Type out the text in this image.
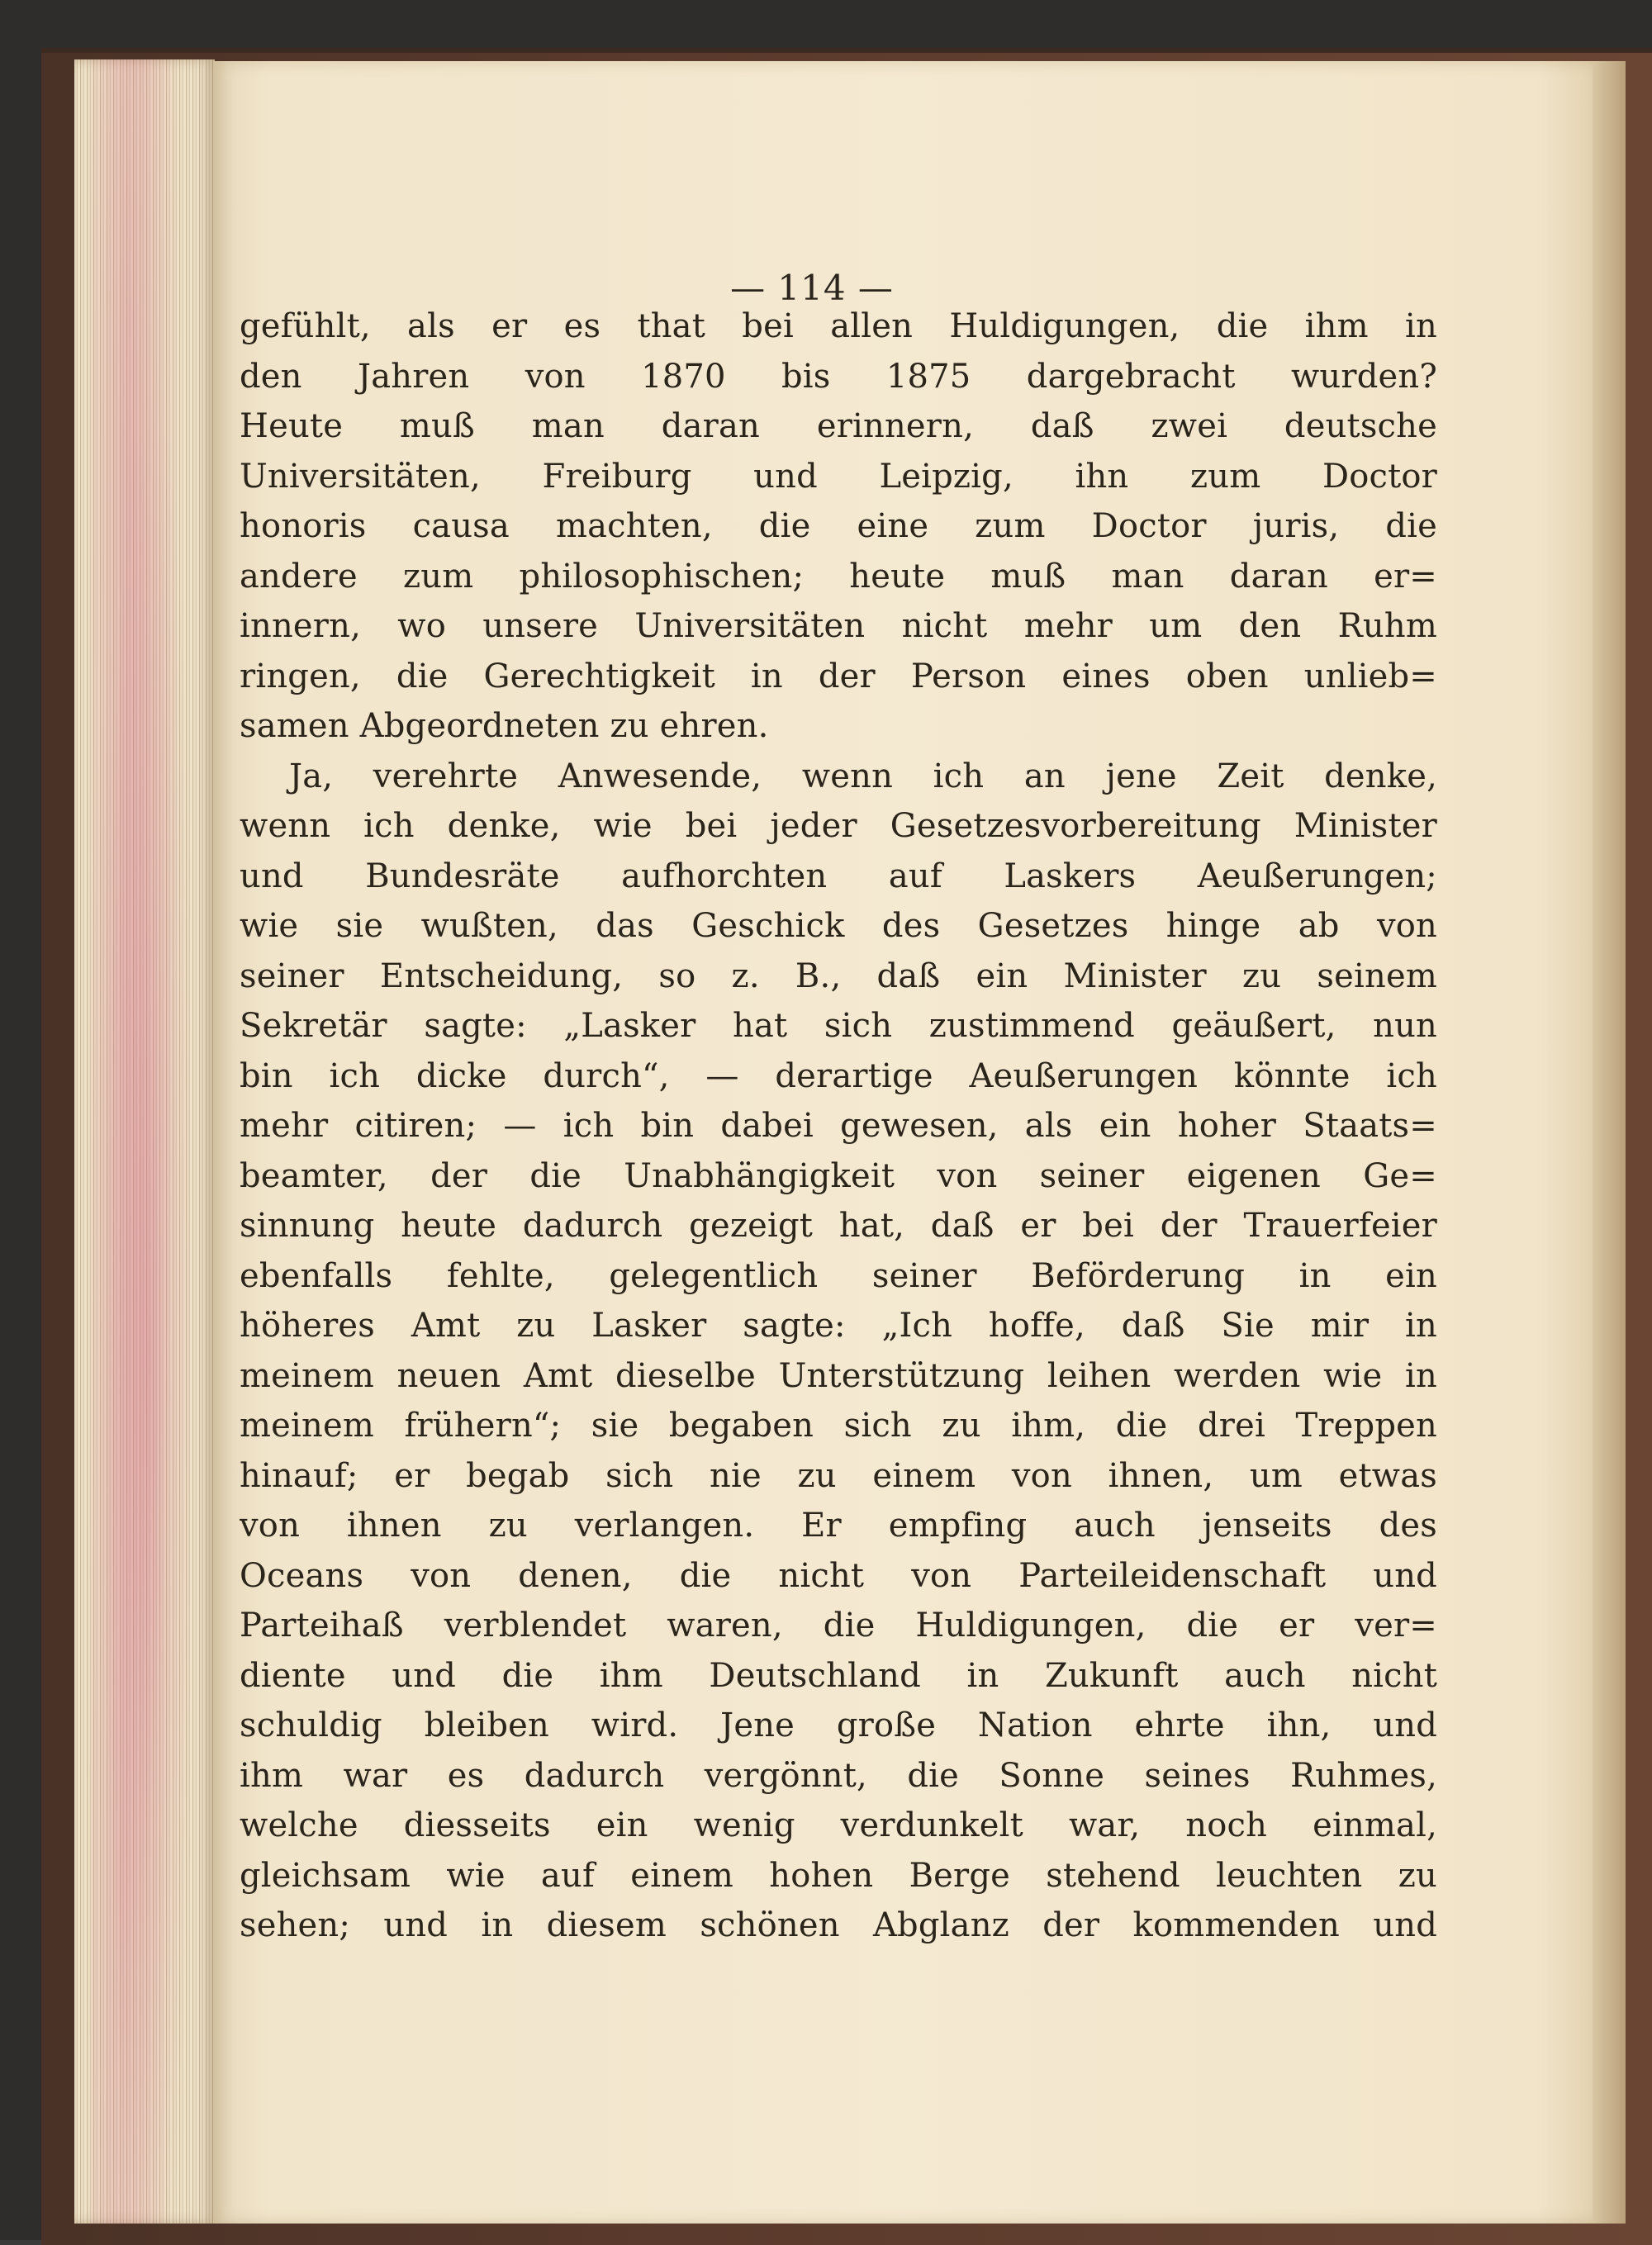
— 114 —
gefühlt, als er es that bei allen Huldigungen, die ihm in
den Jahren von 1870 bis 1875 dargebracht wurden?
Heute muß man daran erinnern, daß zwei deutsche
Universitäten, Freiburg und Leipzig, ihn zum Doctor
honoris causa machten, die eine zum Doctor juris, die
andere zum philosophischen; heute muß man daran er=
innern, wo unsere Universitäten nicht mehr um den Ruhm
ringen, die Gerechtigkeit in der Person eines oben unlieb=
samen Abgeordneten zu ehren.
Ja, verehrte Anwesende, wenn ich an jene Zeit denke,
wenn ich denke, wie bei jeder Gesetzesvorbereitung Minister
und Bundesräte aufhorchten auf Laskers Aeußerungen;
wie sie wußten, das Geschick des Gesetzes hinge ab von
seiner Entscheidung, so z. B., daß ein Minister zu seinem
Sekretär sagte: „Lasker hat sich zustimmend geäußert, nun
bin ich dicke durch“, — derartige Aeußerungen könnte ich
mehr citiren; — ich bin dabei gewesen, als ein hoher Staats=
beamter, der die Unabhängigkeit von seiner eigenen Ge=
sinnung heute dadurch gezeigt hat, daß er bei der Trauerfeier
ebenfalls fehlte, gelegentlich seiner Beförderung in ein
höheres Amt zu Lasker sagte: „Ich hoffe, daß Sie mir in
meinem neuen Amt dieselbe Unterstützung leihen werden wie in
meinem frühern“; sie begaben sich zu ihm, die drei Treppen
hinauf; er begab sich nie zu einem von ihnen, um etwas
von ihnen zu verlangen. Er empfing auch jenseits des
Oceans von denen, die nicht von Parteileidenschaft und
Parteihaß verblendet waren, die Huldigungen, die er ver=
diente und die ihm Deutschland in Zukunft auch nicht
schuldig bleiben wird. Jene große Nation ehrte ihn, und
ihm war es dadurch vergönnt, die Sonne seines Ruhmes,
welche diesseits ein wenig verdunkelt war, noch einmal,
gleichsam wie auf einem hohen Berge stehend leuchten zu
sehen; und in diesem schönen Abglanz der kommenden und
